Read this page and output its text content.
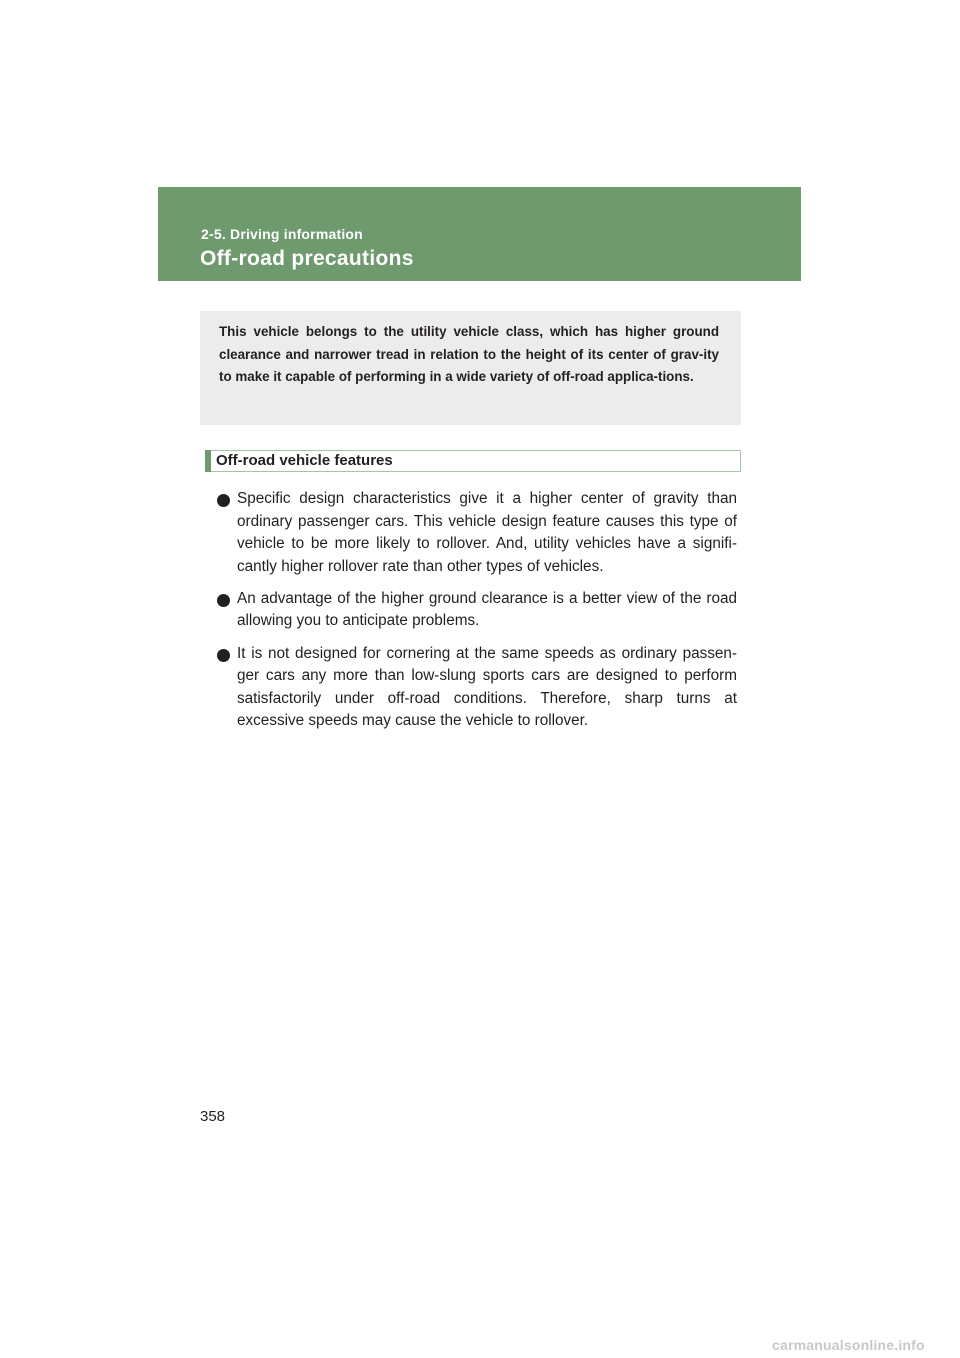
2-5. Driving information
Off-road precautions

This vehicle belongs to the utility vehicle class, which has higher ground clearance and narrower tread in relation to the height of its center of grav-ity to make it capable of performing in a wide variety of off-road applica-tions.

Off-road vehicle features
Specific design characteristics give it a higher center of gravity than ordinary passenger cars. This vehicle design feature causes this type of vehicle to be more likely to rollover. And, utility vehicles have a signifi-cantly higher rollover rate than other types of vehicles.
An advantage of the higher ground clearance is a better view of the road allowing you to anticipate problems.
It is not designed for cornering at the same speeds as ordinary passen-ger cars any more than low-slung sports cars are designed to perform satisfactorily under off-road conditions. Therefore, sharp turns at excessive speeds may cause the vehicle to rollover.
358
carmanualsonline.info
